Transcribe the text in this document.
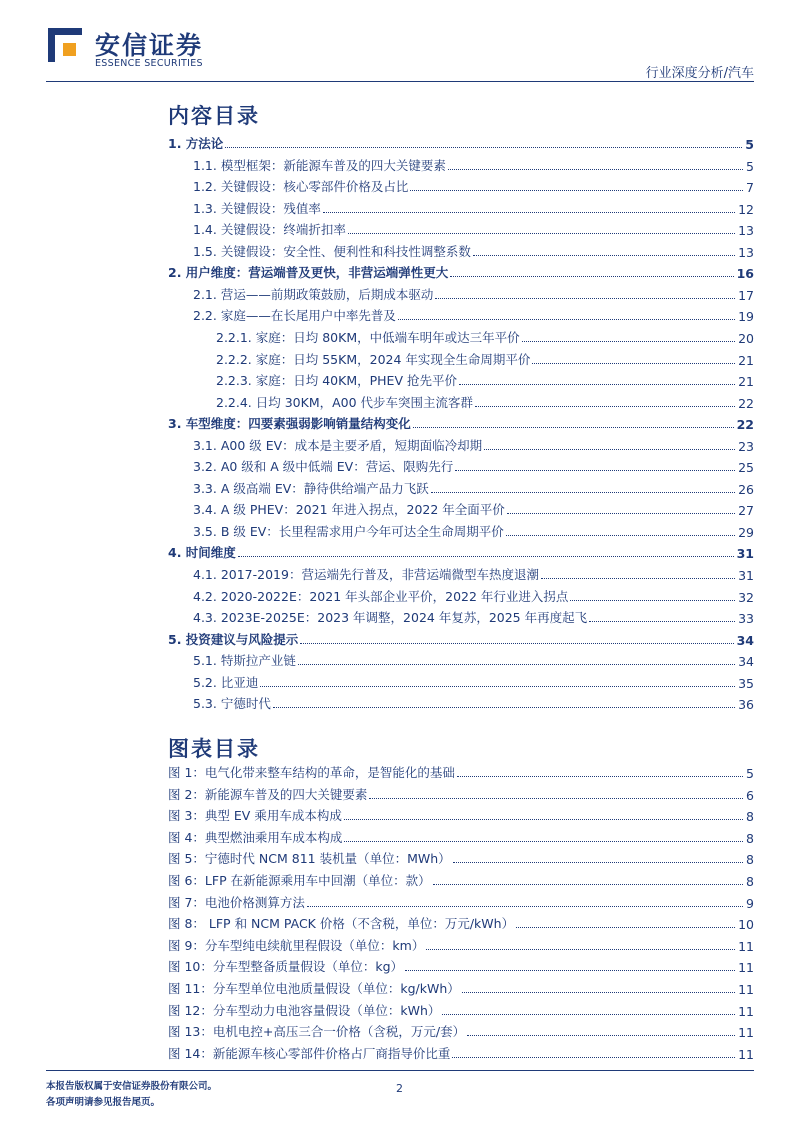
安信证券
ESSENCE SECURITIES
行业深度分析/汽车
内容目录
1. 方法论	5
1.1. 模型框架：新能源车普及的四大关键要素	5
1.2. 关键假设：核心零部件价格及占比	7
1.3. 关键假设：残值率	12
1.4. 关键假设：终端折扣率	13
1.5. 关键假设：安全性、便利性和科技性调整系数	13
2. 用户维度：营运端普及更快，非营运端弹性更大	16
2.1. 营运——前期政策鼓励，后期成本驱动	17
2.2. 家庭——在长尾用户中率先普及	19
2.2.1. 家庭：日均 80KM，中低端车明年或达三年平价	20
2.2.2. 家庭：日均 55KM，2024 年实现全生命周期平价	21
2.2.3. 家庭：日均 40KM，PHEV 抢先平价	21
2.2.4. 日均 30KM，A00 代步车突围主流客群	22
3. 车型维度：四要素强弱影响销量结构变化	22
3.1. A00 级 EV：成本是主要矛盾，短期面临冷却期	23
3.2. A0 级和 A 级中低端 EV：营运、限购先行	25
3.3. A 级高端 EV：静待供给端产品力飞跃	26
3.4. A 级 PHEV：2021 年进入拐点，2022 年全面平价	27
3.5. B 级 EV：长里程需求用户今年可达全生命周期平价	29
4. 时间维度	31
4.1. 2017-2019：营运端先行普及，非营运端微型车热度退潮	31
4.2. 2020-2022E：2021 年头部企业平价，2022 年行业进入拐点	32
4.3. 2023E-2025E：2023 年调整，2024 年复苏，2025 年再度起飞	33
5. 投资建议与风险提示	34
5.1. 特斯拉产业链	34
5.2. 比亚迪	35
5.3. 宁德时代	36
图表目录
图 1：电气化带来整车结构的革命，是智能化的基础	5
图 2：新能源车普及的四大关键要素	6
图 3：典型 EV 乘用车成本构成	8
图 4：典型燃油乘用车成本构成	8
图 5：宁德时代 NCM 811 装机量（单位：MWh）	8
图 6：LFP 在新能源乘用车中回潮（单位：款）	8
图 7：电池价格测算方法	9
图 8： LFP 和 NCM PACK 价格（不含税，单位：万元/kWh）	10
图 9：分车型纯电续航里程假设（单位：km）	11
图 10：分车型整备质量假设（单位：kg）	11
图 11：分车型单位电池质量假设（单位：kg/kWh）	11
图 12：分车型动力电池容量假设（单位：kWh）	11
图 13：电机电控+高压三合一价格（含税，万元/套）	11
图 14：新能源车核心零部件价格占厂商指导价比重	11
本报告版权属于安信证券股份有限公司。
各项声明请参见报告尾页。
2
